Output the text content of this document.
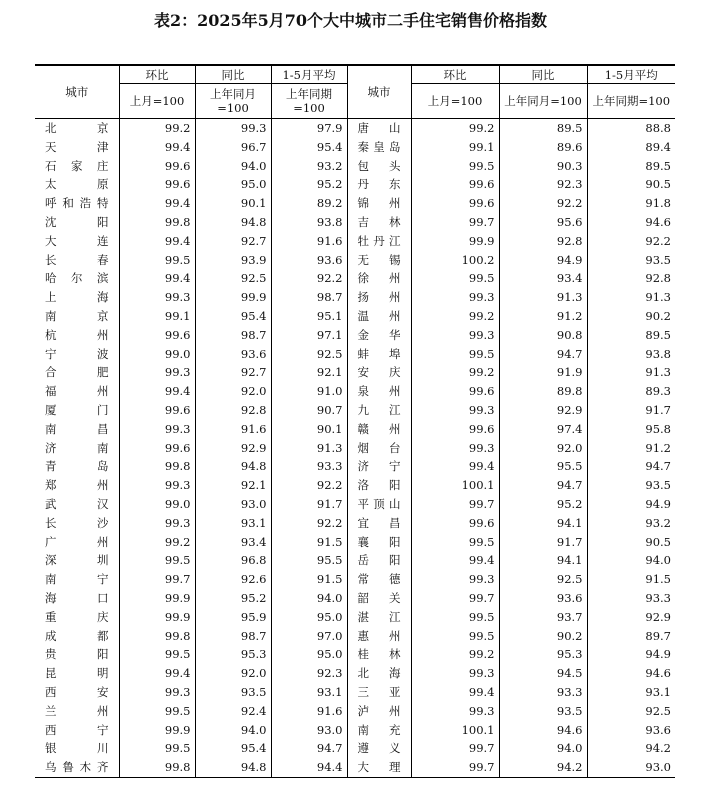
表2：2025年5月70个大中城市二手住宅销售价格指数
城市	环比	同比	1-5月平均	城市	环比	同比	1-5月平均
	上月=100	上年同月=100	上年同期=100		上月=100	上年同月=100	上年同期=100

北京	99.2	99.3	97.9	唐山	99.2	89.5	88.8

天津	99.4	96.7	95.4	秦皇岛	99.1	89.6	89.4

石家庄	99.6	94.0	93.2	包头	99.5	90.3	89.5

太原	99.6	95.0	95.2	丹东	99.6	92.3	90.5

呼和浩特	99.4	90.1	89.2	锦州	99.6	92.2	91.8

沈阳	99.8	94.8	93.8	吉林	99.7	95.6	94.6

大连	99.4	92.7	91.6	牡丹江	99.9	92.8	92.2

长春	99.5	93.9	93.6	无锡	100.2	94.9	93.5

哈尔滨	99.4	92.5	92.2	徐州	99.5	93.4	92.8

上海	99.3	99.9	98.7	扬州	99.3	91.3	91.3

南京	99.1	95.4	95.1	温州	99.2	91.2	90.2

杭州	99.6	98.7	97.1	金华	99.3	90.8	89.5

宁波	99.0	93.6	92.5	蚌埠	99.5	94.7	93.8

合肥	99.3	92.7	92.1	安庆	99.2	91.9	91.3

福州	99.4	92.0	91.0	泉州	99.6	89.8	89.3

厦门	99.6	92.8	90.7	九江	99.3	92.9	91.7

南昌	99.3	91.6	90.1	赣州	99.6	97.4	95.8

济南	99.6	92.9	91.3	烟台	99.3	92.0	91.2

青岛	99.8	94.8	93.3	济宁	99.4	95.5	94.7

郑州	99.3	92.1	92.2	洛阳	100.1	94.7	93.5

武汉	99.0	93.0	91.7	平顶山	99.7	95.2	94.9

长沙	99.3	93.1	92.2	宜昌	99.6	94.1	93.2

广州	99.2	93.4	91.5	襄阳	99.5	91.7	90.5

深圳	99.5	96.8	95.5	岳阳	99.4	94.1	94.0

南宁	99.7	92.6	91.5	常德	99.3	92.5	91.5

海口	99.9	95.2	94.0	韶关	99.7	93.6	93.3

重庆	99.9	95.9	95.0	湛江	99.5	93.7	92.9

成都	99.8	98.7	97.0	惠州	99.5	90.2	89.7

贵阳	99.5	95.3	95.0	桂林	99.2	95.3	94.9

昆明	99.4	92.0	92.3	北海	99.3	94.5	94.6

西安	99.3	93.5	93.1	三亚	99.4	93.3	93.1

兰州	99.5	92.4	91.6	泸州	99.3	93.5	92.5

西宁	99.9	94.0	93.0	南充	100.1	94.6	93.6

银川	99.5	95.4	94.7	遵义	99.7	94.0	94.2

乌鲁木齐	99.8	94.8	94.4	大理	99.7	94.2	93.0
